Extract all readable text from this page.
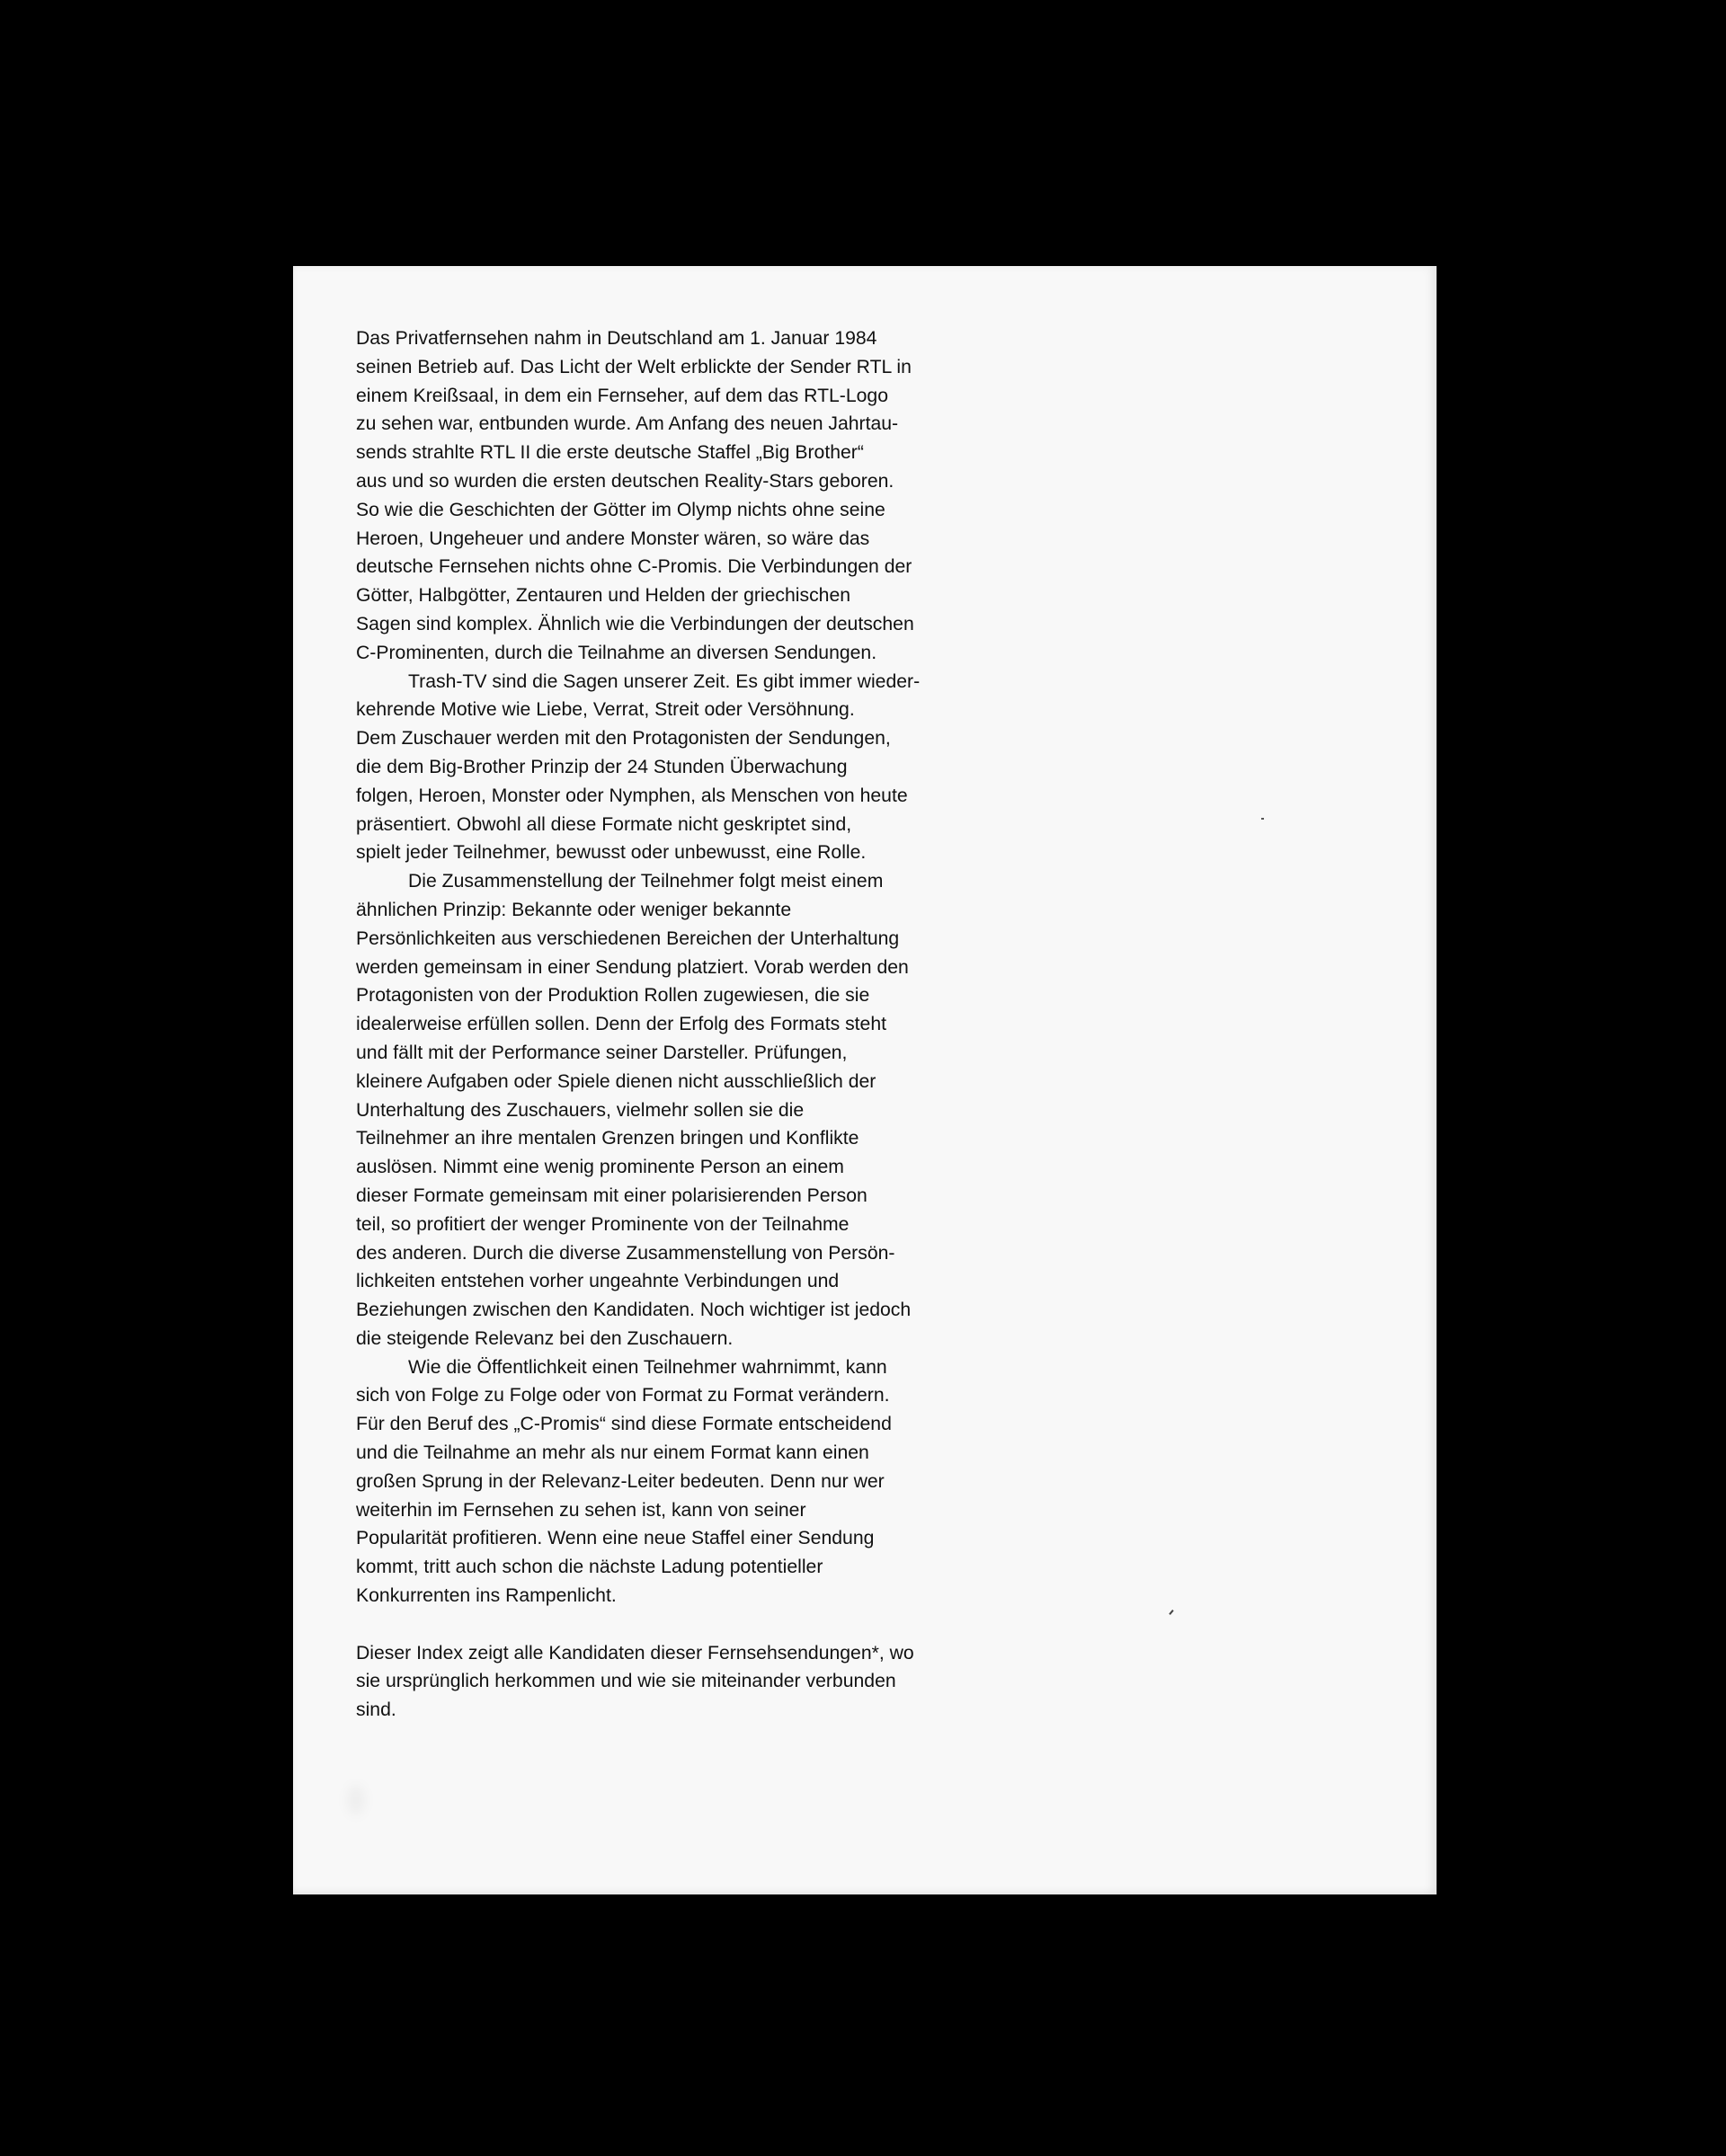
Das Privatfernsehen nahm in Deutschland am 1. Januar 1984
seinen Betrieb auf. Das Licht der Welt erblickte der Sender RTL in
einem Kreißsaal, in dem ein Fernseher, auf dem das RTL-Logo
zu sehen war, entbunden wurde. Am Anfang des neuen Jahrtau-
sends strahlte RTL II die erste deutsche Staffel „Big Brother“
aus und so wurden die ersten deutschen Reality-Stars geboren.
So wie die Geschichten der Götter im Olymp nichts ohne seine
Heroen, Ungeheuer und andere Monster wären, so wäre das
deutsche Fernsehen nichts ohne C-Promis. Die Verbindungen der
Götter, Halbgötter, Zentauren und Helden der griechischen
Sagen sind komplex. Ähnlich wie die Verbindungen der deutschen
C-Prominenten, durch die Teilnahme an diversen Sendungen.
Trash-TV sind die Sagen unserer Zeit. Es gibt immer wieder-
kehrende Motive wie Liebe, Verrat, Streit oder Versöhnung.
Dem Zuschauer werden mit den Protagonisten der Sendungen,
die dem Big-Brother Prinzip der 24 Stunden Überwachung
folgen, Heroen, Monster oder Nymphen, als Menschen von heute
präsentiert. Obwohl all diese Formate nicht geskriptet sind,
spielt jeder Teilnehmer, bewusst oder unbewusst, eine Rolle.
Die Zusammenstellung der Teilnehmer folgt meist einem
ähnlichen Prinzip: Bekannte oder weniger bekannte
Persönlichkeiten aus verschiedenen Bereichen der Unterhaltung
werden gemeinsam in einer Sendung platziert. Vorab werden den
Protagonisten von der Produktion Rollen zugewiesen, die sie
idealerweise erfüllen sollen. Denn der Erfolg des Formats steht
und fällt mit der Performance seiner Darsteller. Prüfungen,
kleinere Aufgaben oder Spiele dienen nicht ausschließlich der
Unterhaltung des Zuschauers, vielmehr sollen sie die
Teilnehmer an ihre mentalen Grenzen bringen und Konflikte
auslösen. Nimmt eine wenig prominente Person an einem
dieser Formate gemeinsam mit einer polarisierenden Person
teil, so profitiert der wenger Prominente von der Teilnahme
des anderen. Durch die diverse Zusammenstellung von Persön-
lichkeiten entstehen vorher ungeahnte Verbindungen und
Beziehungen zwischen den Kandidaten. Noch wichtiger ist jedoch
die steigende Relevanz bei den Zuschauern.
Wie die Öffentlichkeit einen Teilnehmer wahrnimmt, kann
sich von Folge zu Folge oder von Format zu Format verändern.
Für den Beruf des „C-Promis“ sind diese Formate entscheidend
und die Teilnahme an mehr als nur einem Format kann einen
großen Sprung in der Relevanz-Leiter bedeuten. Denn nur wer
weiterhin im Fernsehen zu sehen ist, kann von seiner
Popularität profitieren. Wenn eine neue Staffel einer Sendung
kommt, tritt auch schon die nächste Ladung potentieller
Konkurrenten ins Rampenlicht.
Dieser Index zeigt alle Kandidaten dieser Fernsehsendungen*, wo
sie ursprünglich herkommen und wie sie miteinander verbunden
sind.
